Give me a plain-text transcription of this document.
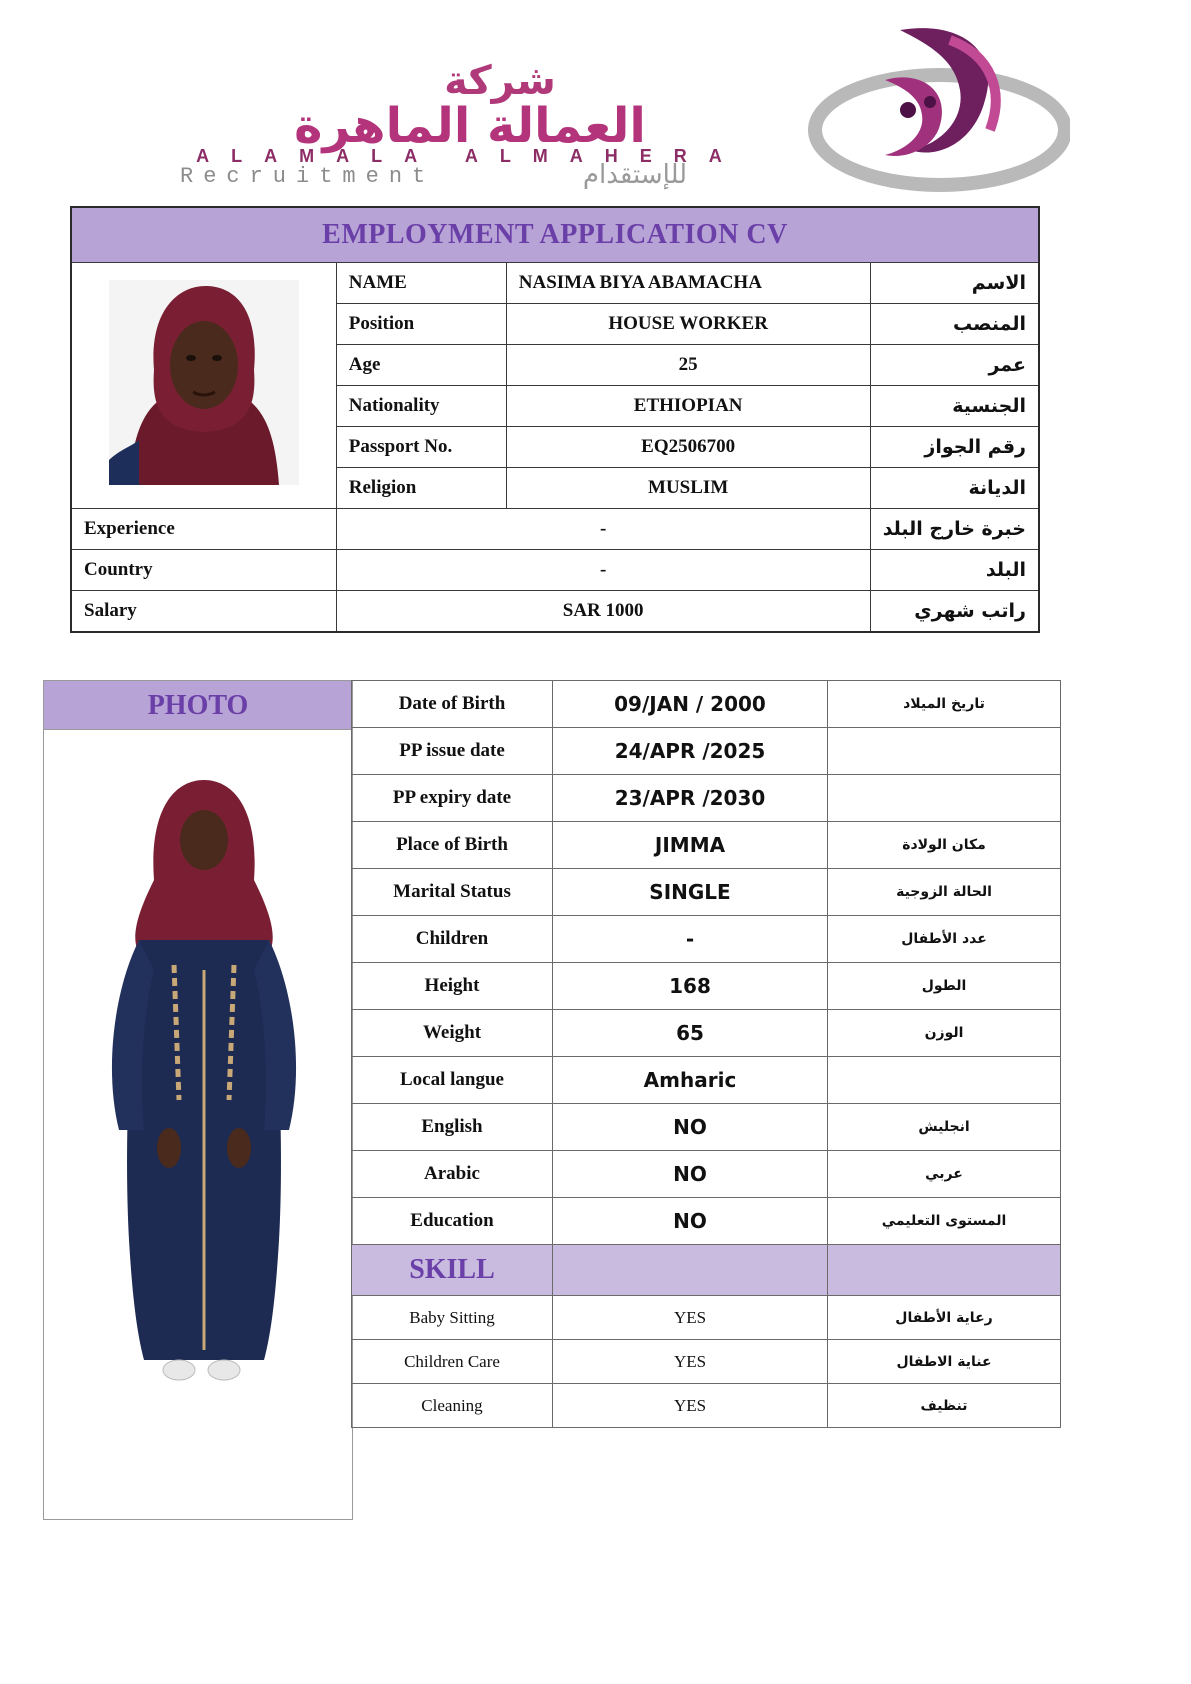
شركة
العمالة الماهرة
ALAMALA ALMAHERA
Recruitment	للإستقدام
EMPLOYMENT APPLICATION CV			
	NAME	NASIMA BIYA ABAMACHA	الاسم
	Position	HOUSE WORKER	المنصب
	Age	25	عمر
	Nationality	ETHIOPIAN	الجنسية
	Passport No.	EQ2506700	رقم الجواز
	Religion	MUSLIM	الديانة
Experience	-		خبرة خارج البلد
Country	-		البلد
Salary	SAR 1000		راتب شهري
PHOTO	Date of Birth	09/JAN / 2000	تاريخ الميلاد
PP issue date	24/APR /2025	
PP expiry date	23/APR /2030	
Place of Birth	JIMMA	مكان الولادة
Marital Status	SINGLE	الحالة الزوجية
Children	-	عدد الأطفال
Height	168	الطول
Weight	65	الوزن
Local langue	Amharic	
English	NO	انجليش
Arabic	NO	عربي
Education	NO	المستوى التعليمي
SKILL		
Baby Sitting	YES	رعاية الأطفال
Children Care	YES	عناية الاطفال
Cleaning	YES	تنظيف
